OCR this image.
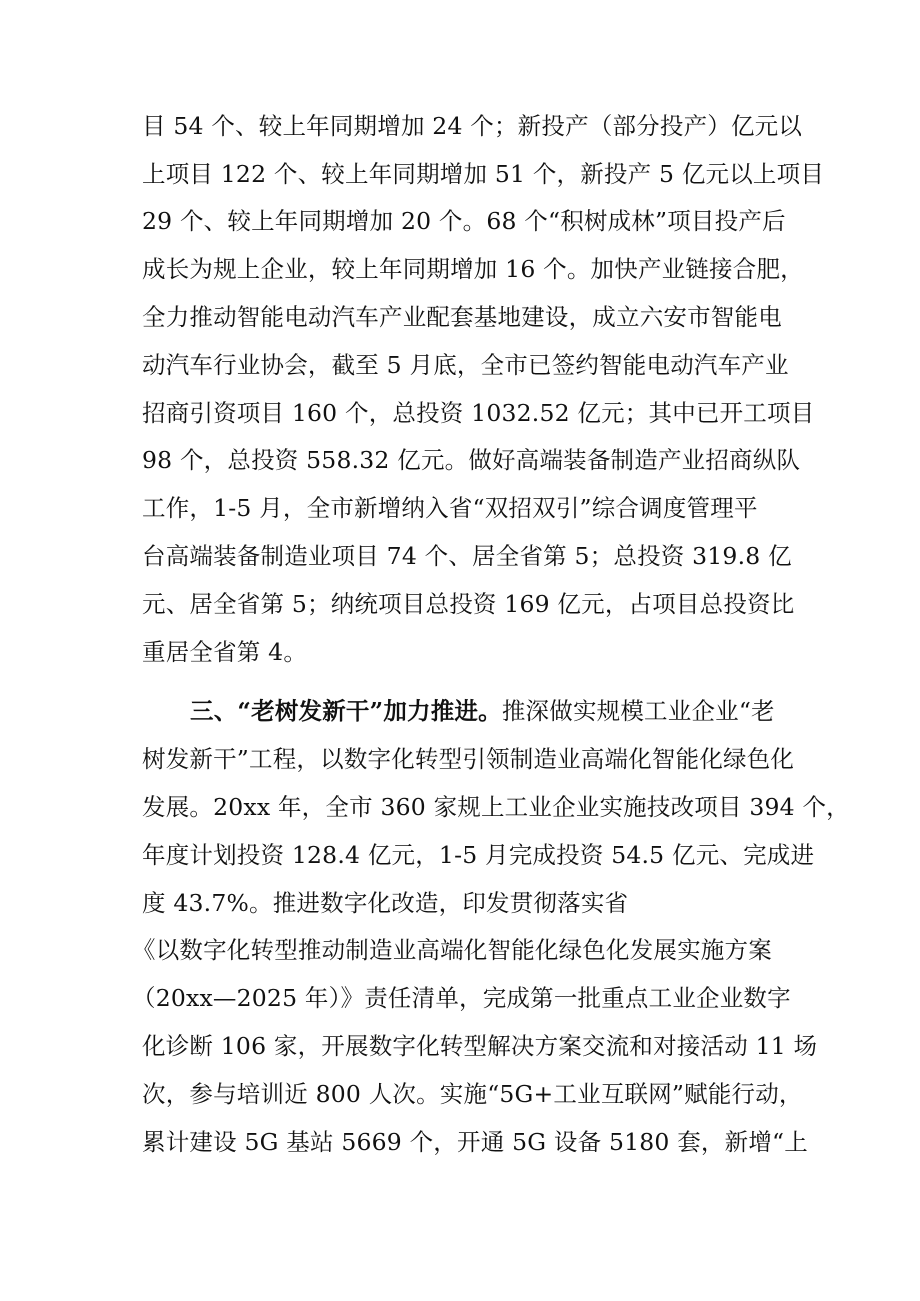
目 54 个、较上年同期增加 24 个；新投产（部分投产）亿元以
上项目 122 个、较上年同期增加 51 个，新投产 5 亿元以上项目
29 个、较上年同期增加 20 个。68 个“积树成林”项目投产后
成长为规上企业，较上年同期增加 16 个。加快产业链接合肥，
全力推动智能电动汽车产业配套基地建设，成立六安市智能电
动汽车行业协会，截至 5 月底，全市已签约智能电动汽车产业
招商引资项目 160 个，总投资 1032.52 亿元；其中已开工项目
98 个，总投资 558.32 亿元。做好高端装备制造产业招商纵队
工作，1-5 月，全市新增纳入省“双招双引”综合调度管理平
台高端装备制造业项目 74 个、居全省第 5；总投资 319.8 亿
元、居全省第 5；纳统项目总投资 169 亿元，占项目总投资比
重居全省第 4。
三、“老树发新干”加力推进。推深做实规模工业企业“老
树发新干”工程，以数字化转型引领制造业高端化智能化绿色化
发展。20xx 年，全市 360 家规上工业企业实施技改项目 394 个，
年度计划投资 128.4 亿元，1-5 月完成投资 54.5 亿元、完成进
度 43.7%。推进数字化改造，印发贯彻落实省
《以数字化转型推动制造业高端化智能化绿色化发展实施方案
（20xx—2025 年）》责任清单，完成第一批重点工业企业数字
化诊断 106 家，开展数字化转型解决方案交流和对接活动 11 场
次，参与培训近 800 人次。实施“5G+工业互联网”赋能行动，
累计建设 5G 基站 5669 个，开通 5G 设备 5180 套，新增“上
